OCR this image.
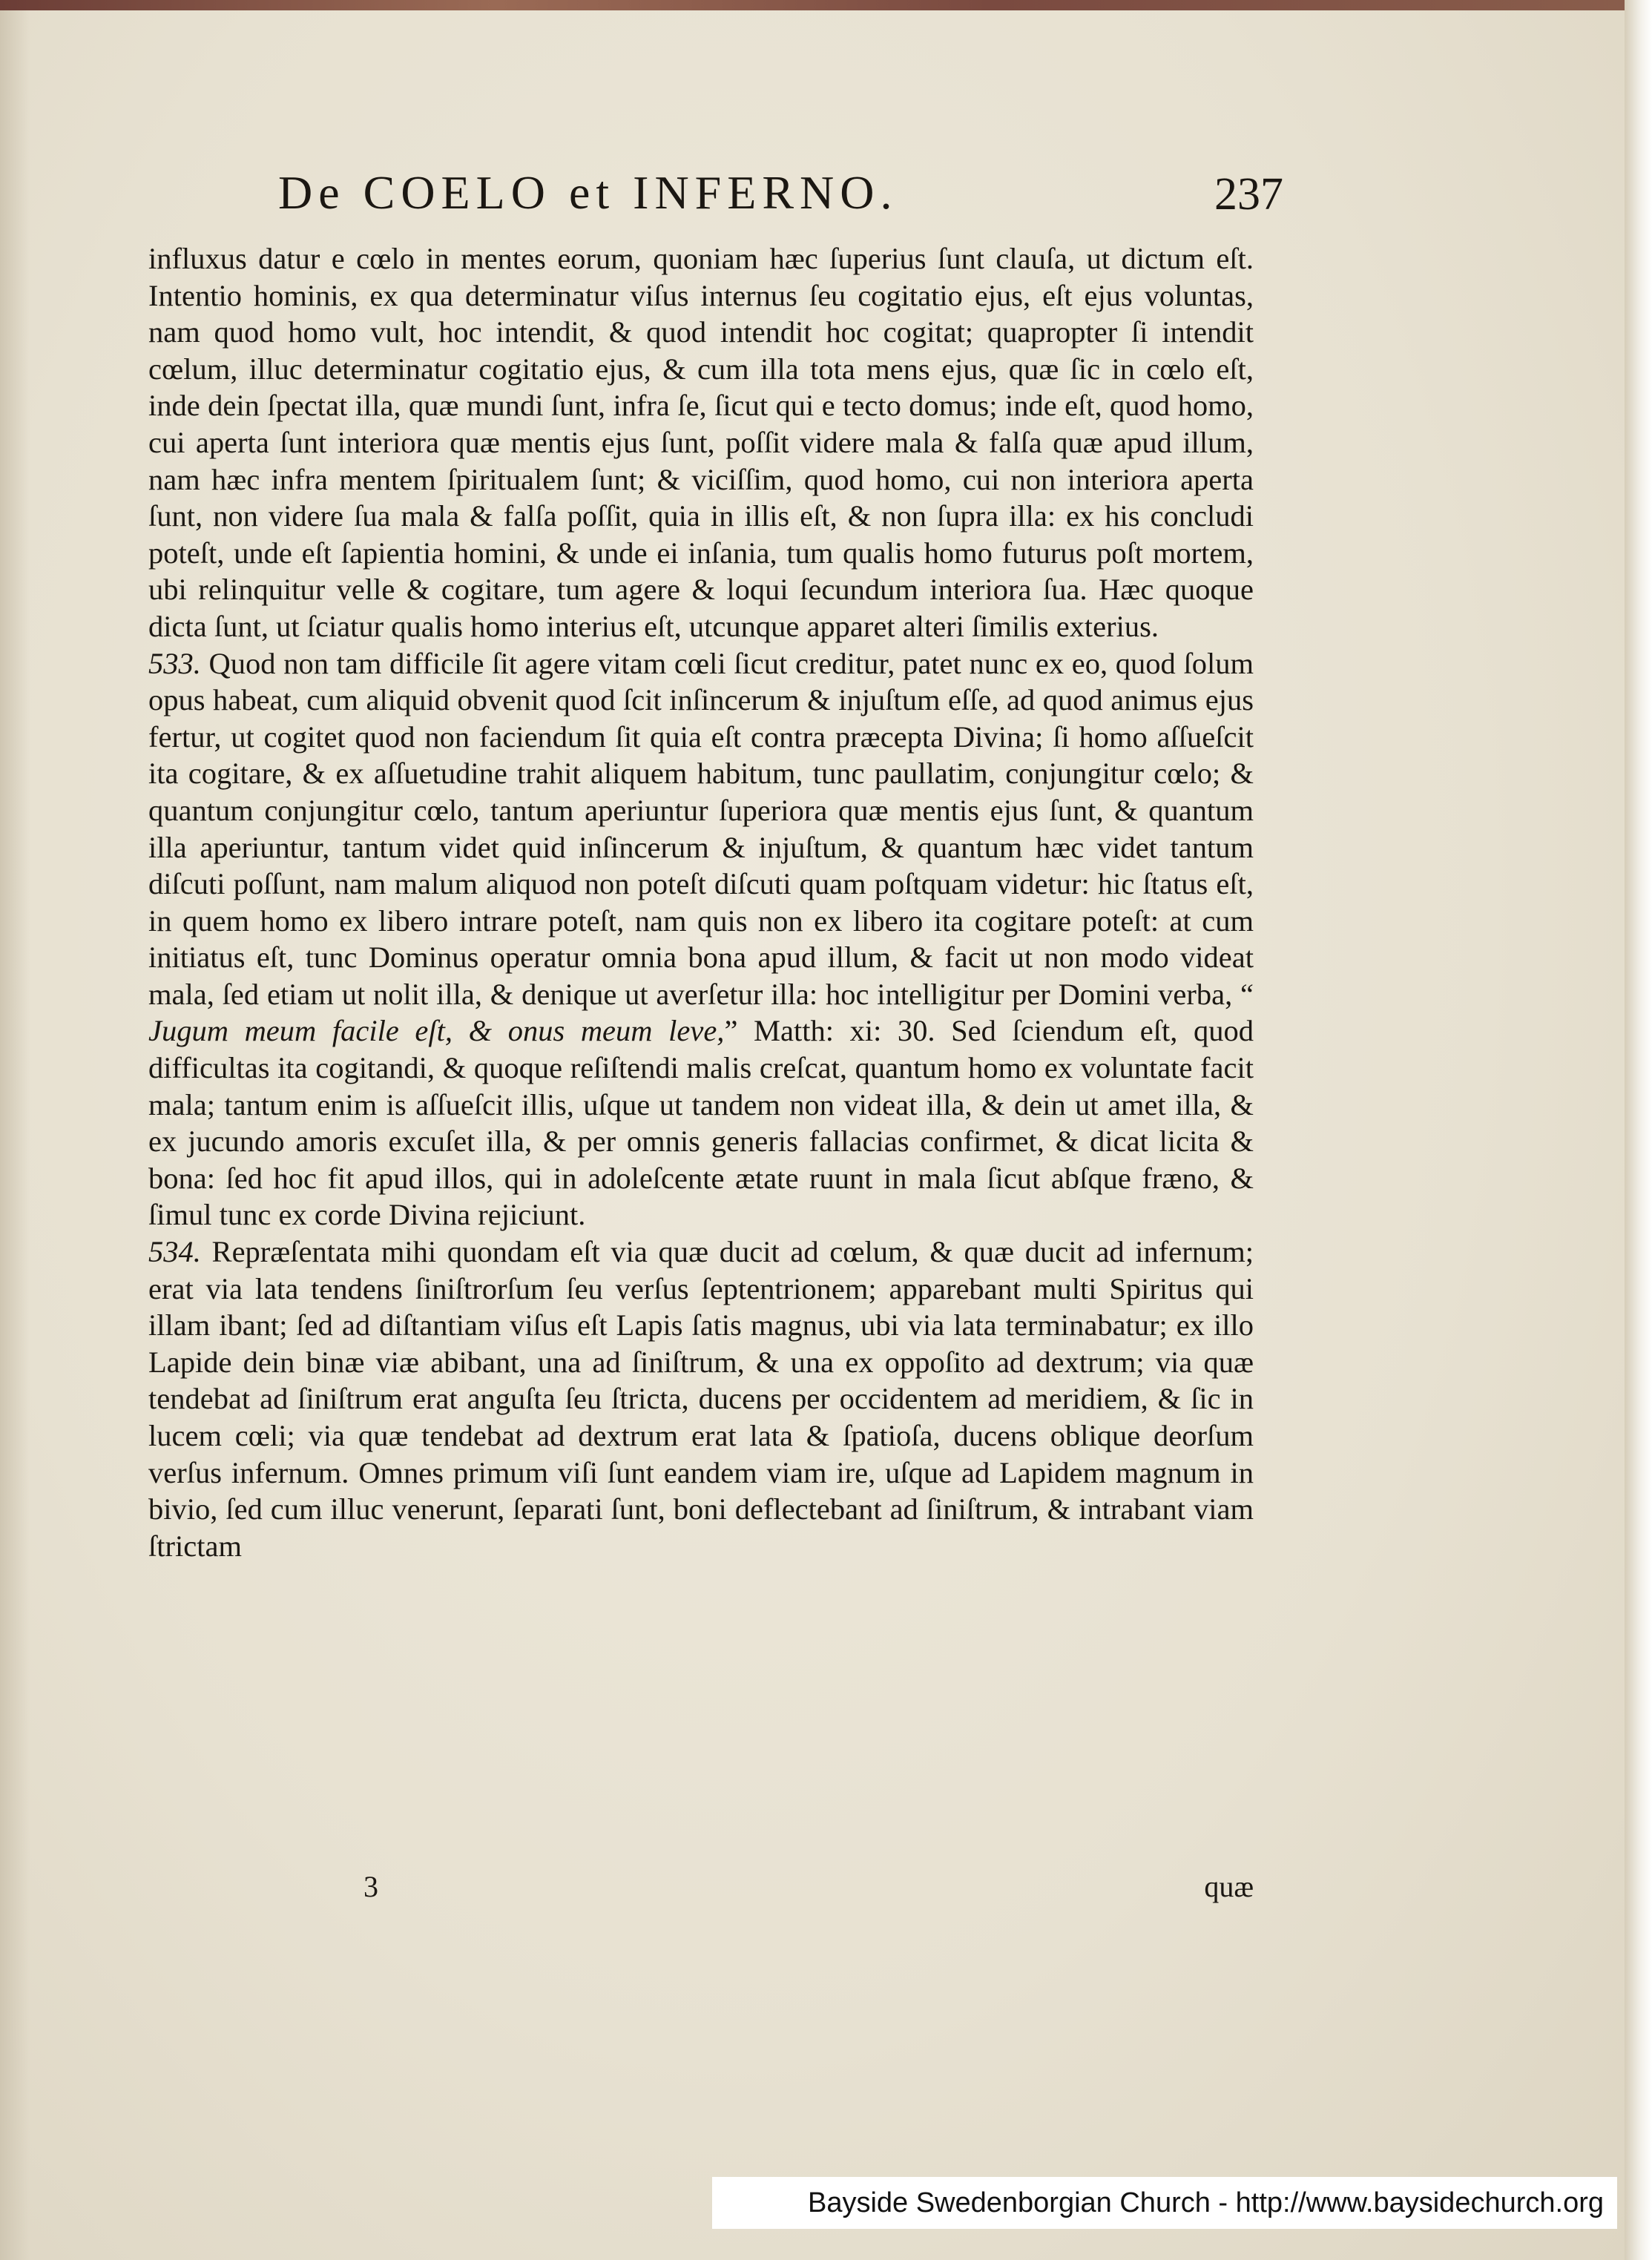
De COELO et INFERNO.	237

influxus datur e cœlo in mentes eorum, quoniam hæc ſuperius ſunt clauſa, ut dictum eſt. Intentio hominis, ex qua determinatur viſus internus ſeu cogitatio ejus, eſt ejus voluntas, nam quod homo vult, hoc intendit, & quod intendit hoc cogitat; quapropter ſi intendit cœlum, illuc determinatur cogitatio ejus, & cum illa tota mens ejus, quæ ſic in cœlo eſt, inde dein ſpectat illa, quæ mundi ſunt, infra ſe, ſicut qui e tecto domus; inde eſt, quod homo, cui aperta ſunt interiora quæ mentis ejus ſunt, poſſit videre mala & falſa quæ apud illum, nam hæc infra mentem ſpiritualem ſunt; & viciſſim, quod homo, cui non interiora aperta ſunt, non videre ſua mala & falſa poſſit, quia in illis eſt, & non ſupra illa: ex his concludi poteſt, unde eſt ſapientia homini, & unde ei inſania, tum qualis homo futurus poſt mortem, ubi relinquitur velle & cogitare, tum agere & loqui ſecundum interiora ſua. Hæc quoque dicta ſunt, ut ſciatur qualis homo interius eſt, utcunque apparet alteri ſimilis exterius.

533. Quod non tam difficile ſit agere vitam cœli ſicut creditur, patet nunc ex eo, quod ſolum opus habeat, cum aliquid obvenit quod ſcit inſincerum & injuſtum eſſe, ad quod animus ejus fertur, ut cogitet quod non faciendum ſit quia eſt contra præcepta Divina; ſi homo aſſueſcit ita cogitare, & ex aſſuetudine trahit aliquem habitum, tunc paullatim, conjungitur cœlo; & quantum conjungitur cœlo, tantum aperiuntur ſuperiora quæ mentis ejus ſunt, & quantum illa aperiuntur, tantum videt quid inſincerum & injuſtum, & quantum hæc videt tantum diſcuti poſſunt, nam malum aliquod non poteſt diſcuti quam poſtquam videtur: hic ſtatus eſt, in quem homo ex libero intrare poteſt, nam quis non ex libero ita cogitare poteſt: at cum initiatus eſt, tunc Dominus operatur omnia bona apud illum, & facit ut non modo videat mala, ſed etiam ut nolit illa, & denique ut averſetur illa: hoc intelligitur per Domini verba, “ Jugum meum facile eſt, & onus meum leve,” Matth: xi: 30. Sed ſciendum eſt, quod difficultas ita cogitandi, & quoque reſiſtendi malis creſcat, quantum homo ex voluntate facit mala; tantum enim is aſſueſcit illis, uſque ut tandem non videat illa, & dein ut amet illa, & ex jucundo amoris excuſet illa, & per omnis generis fallacias confirmet, & dicat licita & bona: ſed hoc fit apud illos, qui in adoleſcente ætate ruunt in mala ſicut abſque fræno, & ſimul tunc ex corde Divina rejiciunt.

534. Repræſentata mihi quondam eſt via quæ ducit ad cœlum, & quæ ducit ad infernum; erat via lata tendens ſiniſtrorſum ſeu verſus ſeptentrionem; apparebant multi Spiritus qui illam ibant; ſed ad diſtantiam viſus eſt Lapis ſatis magnus, ubi via lata terminabatur; ex illo Lapide dein binæ viæ abibant, una ad ſiniſtrum, & una ex oppoſito ad dextrum; via quæ tendebat ad ſiniſtrum erat anguſta ſeu ſtricta, ducens per occidentem ad meridiem, & ſic in lucem cœli; via quæ tendebat ad dextrum erat lata & ſpatioſa, ducens oblique deorſum verſus infernum. Omnes primum viſi ſunt eandem viam ire, uſque ad Lapidem magnum in bivio, ſed cum illuc venerunt, ſeparati ſunt, boni deflectebant ad ſiniſtrum, & intrabant viam ſtrictam

3	quæ
Bayside Swedenborgian Church - http://www.baysidechurch.org
